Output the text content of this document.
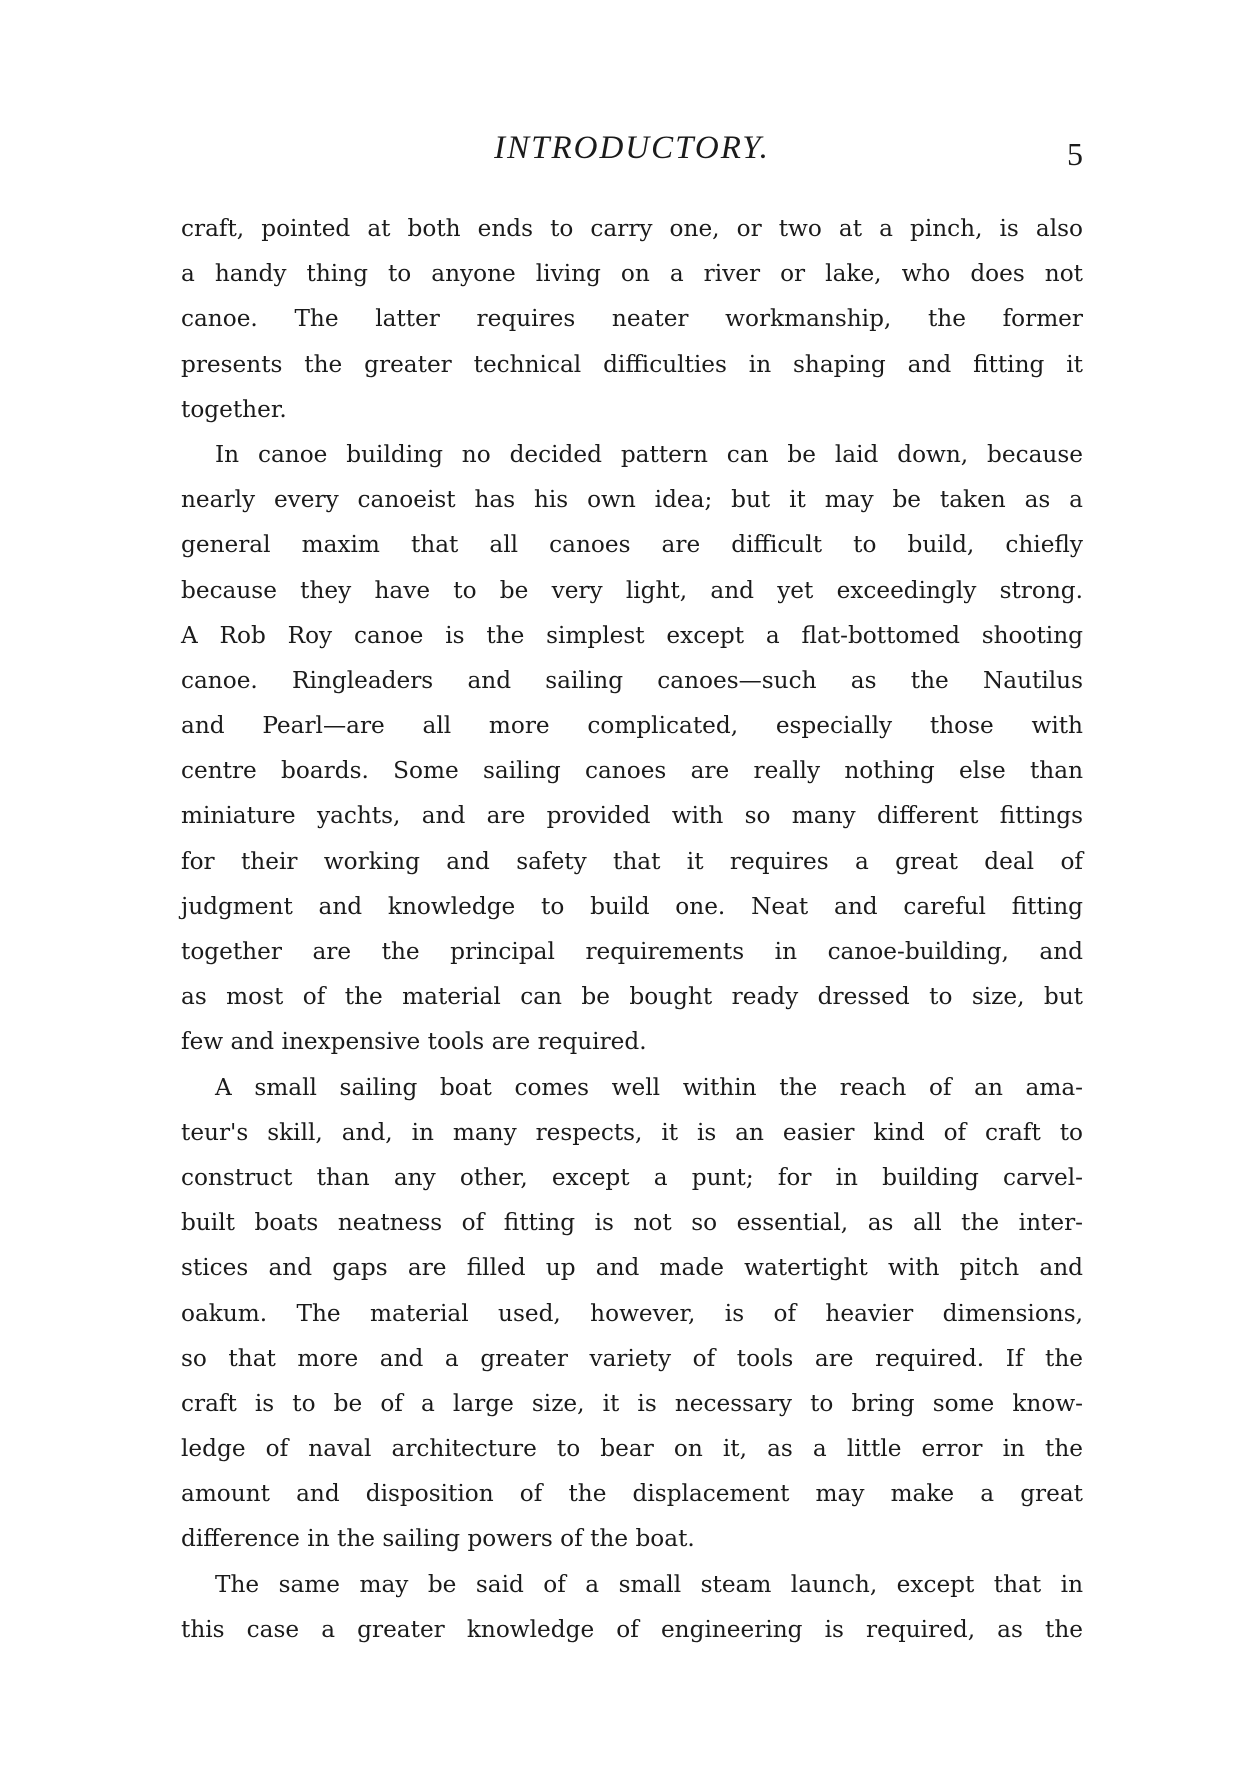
INTRODUCTORY.	5
craft, pointed at both ends to carry one, or two at a pinch, is also
a handy thing to anyone living on a river or lake, who does not
canoe. The latter requires neater workmanship, the former
presents the greater technical difficulties in shaping and fitting it
together.
In canoe building no decided pattern can be laid down, because
nearly every canoeist has his own idea; but it may be taken as a
general maxim that all canoes are difficult to build, chiefly
because they have to be very light, and yet exceedingly strong.
A Rob Roy canoe is the simplest except a flat-bottomed shooting
canoe. Ringleaders and sailing canoes—such as the Nautilus
and Pearl—are all more complicated, especially those with
centre boards. Some sailing canoes are really nothing else than
miniature yachts, and are provided with so many different fittings
for their working and safety that it requires a great deal of
judgment and knowledge to build one. Neat and careful fitting
together are the principal requirements in canoe-building, and
as most of the material can be bought ready dressed to size, but
few and inexpensive tools are required.
A small sailing boat comes well within the reach of an ama-
teur's skill, and, in many respects, it is an easier kind of craft to
construct than any other, except a punt; for in building carvel-
built boats neatness of fitting is not so essential, as all the inter-
stices and gaps are filled up and made watertight with pitch and
oakum. The material used, however, is of heavier dimensions,
so that more and a greater variety of tools are required. If the
craft is to be of a large size, it is necessary to bring some know-
ledge of naval architecture to bear on it, as a little error in the
amount and disposition of the displacement may make a great
difference in the sailing powers of the boat.
The same may be said of a small steam launch, except that in
this case a greater knowledge of engineering is required, as the
